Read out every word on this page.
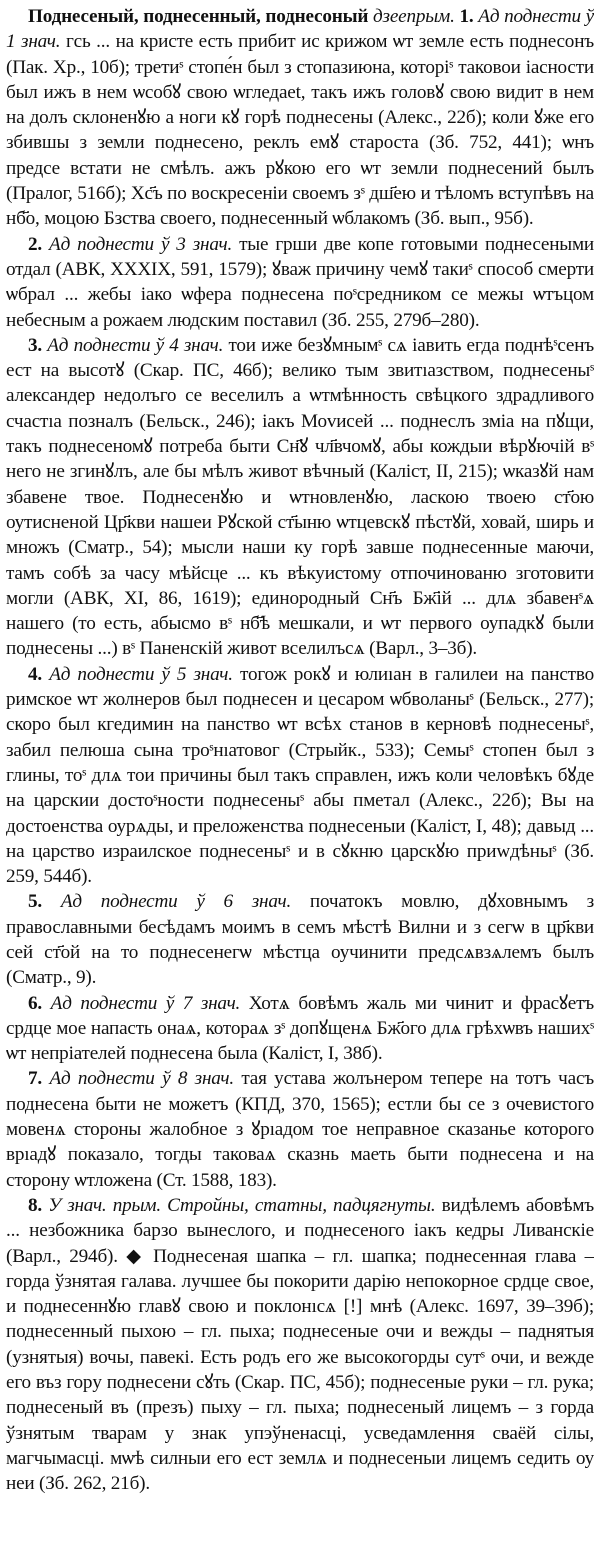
Поднесеный, поднесенный, поднесоный дзеепрым. 1. Ад поднести ў 1 знач. гсь ... на кристе есть прибит ис крижом ѡт земле есть поднесонъ (Пак. Хр., 10б); третиˢ стопе́н был з стопазиюна, которіˢ таковои іасности был ижъ в нем ѡсобꙋ свою ѡгледаеt, такъ ижъ головꙋ свою видит в нем на долъ склоненꙋю а ноги кꙋ горѣ поднесены (Алекс., 22б); коли ꙋже его збившы з земли поднесено, реклъ емꙋ староста (Зб. 752, 441); ѡнъ предсе встати не смѣлъ. ажъ рꙋкою его ѡт земли поднесений былъ (Пралог, 516б); Хс҃ъ по воскресеніи своемъ зˢ дш҃ею и тѣломъ вступѣвъ на нб҃о, моцою Бзства своего, поднесенный ѡблакомъ (Зб. вып., 95б).

2. Ад поднести ў 3 знач. тые грши две копе готовыми поднесеными отдал (АВК, XXXIX, 591, 1579); ꙋваж причину чемꙋ такиˢ способ смерти ѡбрал ... жебы іако ѡфера поднесена поˢсредником се межы ѡтъцом небесным а рожаем людским поставил (Зб. 255, 279б–280).

3. Ад поднести ў 4 знач. тои иже безꙋмнымˢ сѧ іавить егда поднѣˢсенъ ест на высотꙋ (Скар. ПС, 46б); велико тым звитıазством, поднесеныˢ александер недолъго се веселилъ а ѡтмѣнность свѣцкого здрадливого счастıа позналъ (Бельск., 246); іакъ Моvисей ... поднеслъ зміа на пꙋщи, такъ поднесеномꙋ потреба быти Сн҃ꙋ чл҃вчомꙋ, абы кождыи вѣрꙋючій вˢ него не згинꙋлъ, але бы мѣлъ живот вѣчный (Каліст, II, 215); ѡказꙋй нам збавене твое. Поднесенꙋю и ѡтновленꙋю, ласкою твоею ст҃ою оутисненой Цр҃кви нашеи Рꙋской ст҃ыню ѡтцевскꙋ пѣстꙋй, ховай, ширь и множъ (Сматр., 54); мысли наши ку горѣ завше поднесенные маючи, тамъ собѣ за часу мѣйсце ... къ вѣкуистому отпочинованю зготовити могли (АВК, XI, 86, 1619); единородный Сн҃ъ Бж҃ій ... длѧ збавенˢѧ нашего (то есть, абысмо вˢ нб҃ѣ мешкали, и ѡт первого оупадкꙋ были поднесены ...) вˢ Паненскій живот вселилъсѧ (Варл., 3–3б).

4. Ад поднести ў 5 знач. тогож рокꙋ и юлиıан в галилеи на панство римское ѡт жолнеров был поднесен и цесаром ѡбволаныˢ (Бельск., 277); скоро был кгедимин на панство ѡт всѣх станов в керновѣ поднесеныˢ, забил пелюша сына троˢнıатовог (Стрыйк., 533); Семыˢ стопен был з глины, тоˢ длѧ тои причины был такъ справлен, ижъ коли человѣкъ бꙋде на царскии достоˢности поднесеныˢ абы пметал (Алекс., 22б); Вы на достоенства оурѧды, и преложенства поднесеныи (Каліст, I, 48); давыд ... на царство израилское поднесеныˢ и в сꙋкню царскꙋю приwдѣныˢ (Зб. 259, 544б).

5. Ад поднести ў 6 знач. початокъ мовлю, дꙋховнымъ з православными бесѣдамъ моимъ в семъ мѣстѣ Вилни и з сегѡ в цр҃кви сей ст҃ой на то поднесенегѡ мѣстца оучинити предсѧвзѧлемъ былъ (Сматр., 9).

6. Ад поднести ў 7 знач. Хотѧ бовѣмъ жаль ми чинит и фрасꙋетъ срдце мое напасть онаѧ, котораѧ зˢ допꙋщенѧ Бж҃ого длѧ грѣхѡвъ нашихˢ ѡт непріателей поднесена была (Каліст, I, 38б).

7. Ад поднести ў 8 знач. тая устава жолънером тепере на тотъ часъ поднесена быти не можетъ (КПД, 370, 1565); естли бы се з очевистого мовенѧ стороны жалобное з ꙋрıадом тое неправное сказанье которого врıадꙋ показало, тогды таковаѧ сказнь маеть быти поднесена и на сторону ѡтложена (Ст. 1588, 183).

8. У знач. прым. Стройны, статны, падцягнуты. видѣлемъ абовѣмъ ... незбожника барзо вынеслого, и поднесеного іакъ кедры Ливанскіе (Варл., 294б). ◆ Поднесеная шапка – гл. шапка; поднесенная глава – горда ўзнятая галава. лучшее бы покорити дарію непокорное срдце свое, и поднесеннꙋю главꙋ свою и поклонıсѧ [!] мнѣ (Алекс. 1697, 39–39б); поднесенный пыхою – гл. пыха; поднесеные очи и вежды – паднятыя (узнятыя) вочы, павекі. Есть родъ его же высокогорды сутˢ очи, и вежде его въз горy поднесени сꙋть (Скар. ПС, 45б); поднесеные руки – гл. рука; поднесеный въ (презъ) пыху – гл. пыха; поднесеный лицемъ – з горда ўзнятым тварам у знак упэўненасці, усведамлення сваёй сілы, магчымасці. мѡѣ силныи его ест землѧ и поднесеныи лицемъ седить оу неи (Зб. 262, 21б).
